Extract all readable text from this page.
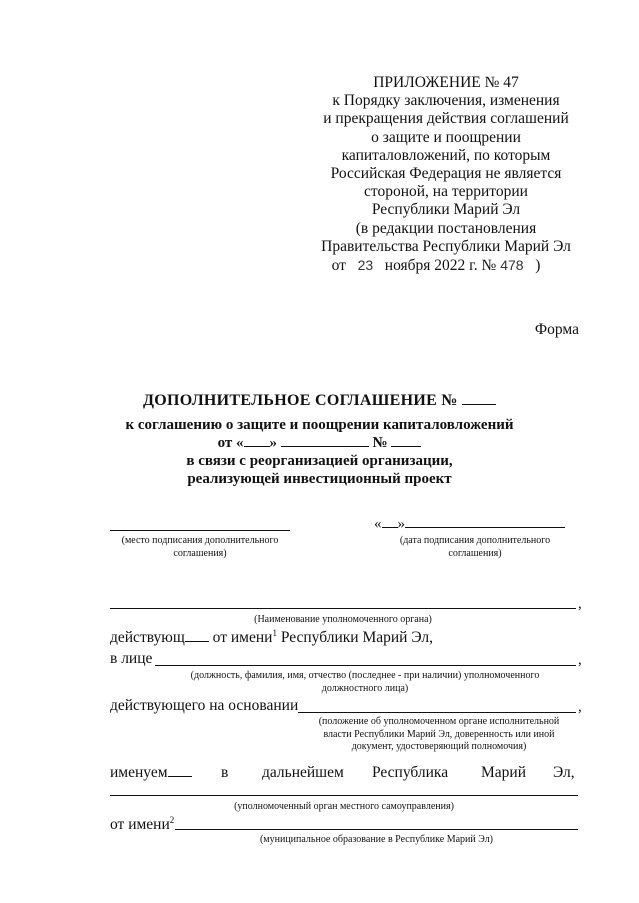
ПРИЛОЖЕНИЕ № 47
к Порядку заключения, изменения
и прекращения действия соглашений
о защите и поощрении
капиталовложений, по которым
Российская Федерация не является
стороной, на территории
Республики Марий Эл
(в редакции постановления
Правительства Республики Марий Эл
от 23 ноября 2022 г. № 478 )
Форма
ДОПОЛНИТЕЛЬНОЕ СОГЛАШЕНИЕ №
к соглашению о защите и поощрении капиталовложений
от « »	№
в связи с реорганизацией организации,
реализующей инвестиционный проект
(место подписания дополнительного
соглашения)
« »
(дата подписания дополнительного
соглашения)
,
(Наименование уполномоченного органа)
действующ от имени$^1$ Республики Марий Эл,
в лице	,
(должность, фамилия, имя, отчество (последнее - при наличии) уполномоченного
должностного лица)
действующего на основании	,
(положение об уполномоченном органе исполнительной
власти Республики Марий Эл, доверенность или иной
документ, удостоверяющий полномочия)
именуем	в дальнейшем Республика Марий Эл,
(уполномоченный орган местного самоуправления)
от имени$^2$
(муниципальное образование в Республике Марий Эл)
